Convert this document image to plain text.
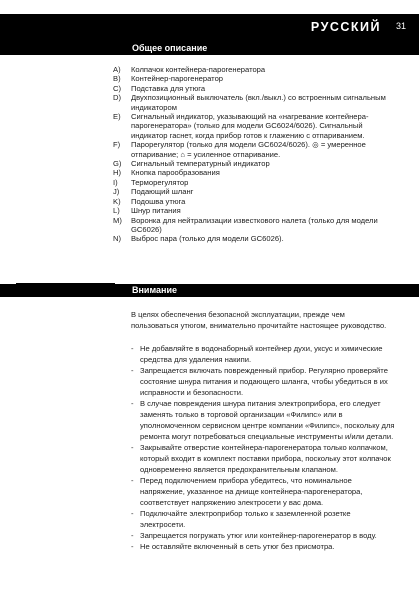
РУССКИЙ 31
Общее описание
A) Колпачок контейнера-парогенератора
B) Контейнер-парогенератор
C) Подставка для утюга
D) Двухпозиционный выключатель (вкл./выкл.) со встроенным сигнальным индикатором
E) Сигнальный индикатор, указывающий на «нагревание контейнера-парогенератора» (только для модели GC6024/6026). Сигнальный индикатор гаснет, когда прибор готов к глажению с отпариванием.
F) Парорегулятор (только для модели GC6024/6026). ◎ = умеренное отпаривание; ⌂ = усиленное отпаривание.
G) Сигнальный температурный индикатор
H) Кнопка парообразования
I) Терморегулятор
J) Подающий шланг
K) Подошва утюга
L) Шнур питания
M) Воронка для нейтрализации известкового налета (только для модели GC6026)
N) Выброс пара (только для модели GC6026).
Внимание

В целях обеспечения безопасной эксплуатации, прежде чем пользоваться утюгом, внимательно прочитайте настоящее руководство.

- Не добавляйте в водонаборный контейнер духи, уксус и химические средства для удаления накипи.
- Запрещается включать поврежденный прибор. Регулярно проверяйте состояние шнура питания и подающего шланга, чтобы убедиться в их исправности и безопасности.
- В случае повреждения шнура питания электроприбора, его следует заменять только в торговой организации «Филипс» или в уполномоченном сервисном центре компании «Филипс», поскольку для ремонта могут потребоваться специальные инструменты и/или детали.
- Закрывайте отверстие контейнера-парогенератора только колпачком, который входит в комплект поставки прибора, поскольку этот колпачок одновременно является предохранительным клапаном.
- Перед подключением прибора убедитесь, что номинальное напряжение, указанное на днище контейнера-парогенератора, соответствует напряжению электросети у вас дома.
- Подключайте электроприбор только к заземленной розетке электросети.
- Запрещается погружать утюг или контейнер-парогенератор в воду.
- Не оставляйте включенный в сеть утюг без присмотра.
